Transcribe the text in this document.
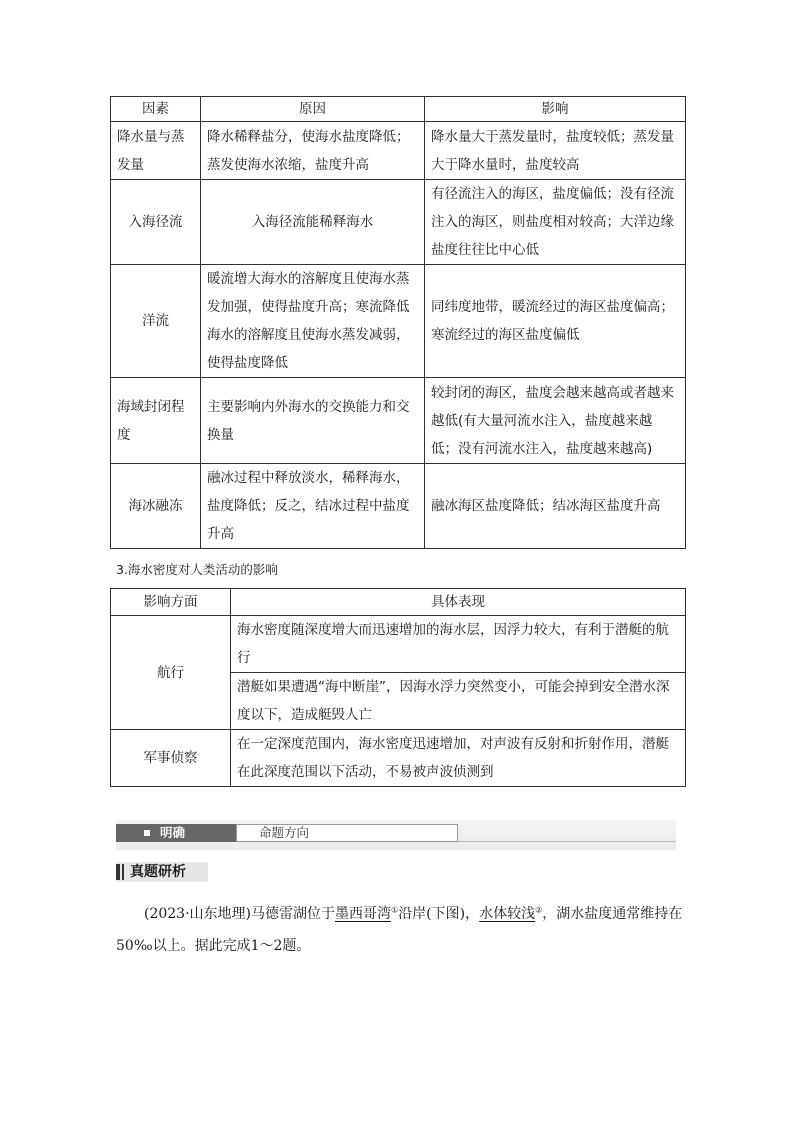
因素	原因	影响
降水量与蒸发量	降水稀释盐分，使海水盐度降低；蒸发使海水浓缩，盐度升高	降水量大于蒸发量时，盐度较低；蒸发量大于降水量时，盐度较高
入海径流	入海径流能稀释海水	有径流注入的海区，盐度偏低；没有径流注入的海区，则盐度相对较高；大洋边缘盐度往往比中心低
洋流	暖流增大海水的溶解度且使海水蒸发加强，使得盐度升高；寒流降低海水的溶解度且使海水蒸发减弱，使得盐度降低	同纬度地带，暖流经过的海区盐度偏高；寒流经过的海区盐度偏低
海域封闭程度	主要影响内外海水的交换能力和交换量	较封闭的海区，盐度会越来越高或者越来越低(有大量河流水注入，盐度越来越低；没有河流水注入，盐度越来越高)
海冰融冻	融冰过程中释放淡水，稀释海水，盐度降低；反之，结冰过程中盐度升高	融冰海区盐度降低；结冰海区盐度升高
3.海水密度对人类活动的影响
影响方面	具体表现
航行	海水密度随深度增大而迅速增加的海水层，因浮力较大，有利于潜艇的航行
	潜艇如果遭遇“海中断崖”，因海水浮力突然变小，可能会掉到安全潜水深度以下，造成艇毁人亡
军事侦察	在一定深度范围内，海水密度迅速增加，对声波有反射和折射作用，潜艇在此深度范围以下活动，不易被声波侦测到
明确	命题方向
真题研析
(2023·山东地理)马德雷湖位于墨西哥湾①沿岸(下图)，水体较浅②，湖水盐度通常维持在50‰以上。据此完成1～2题。
